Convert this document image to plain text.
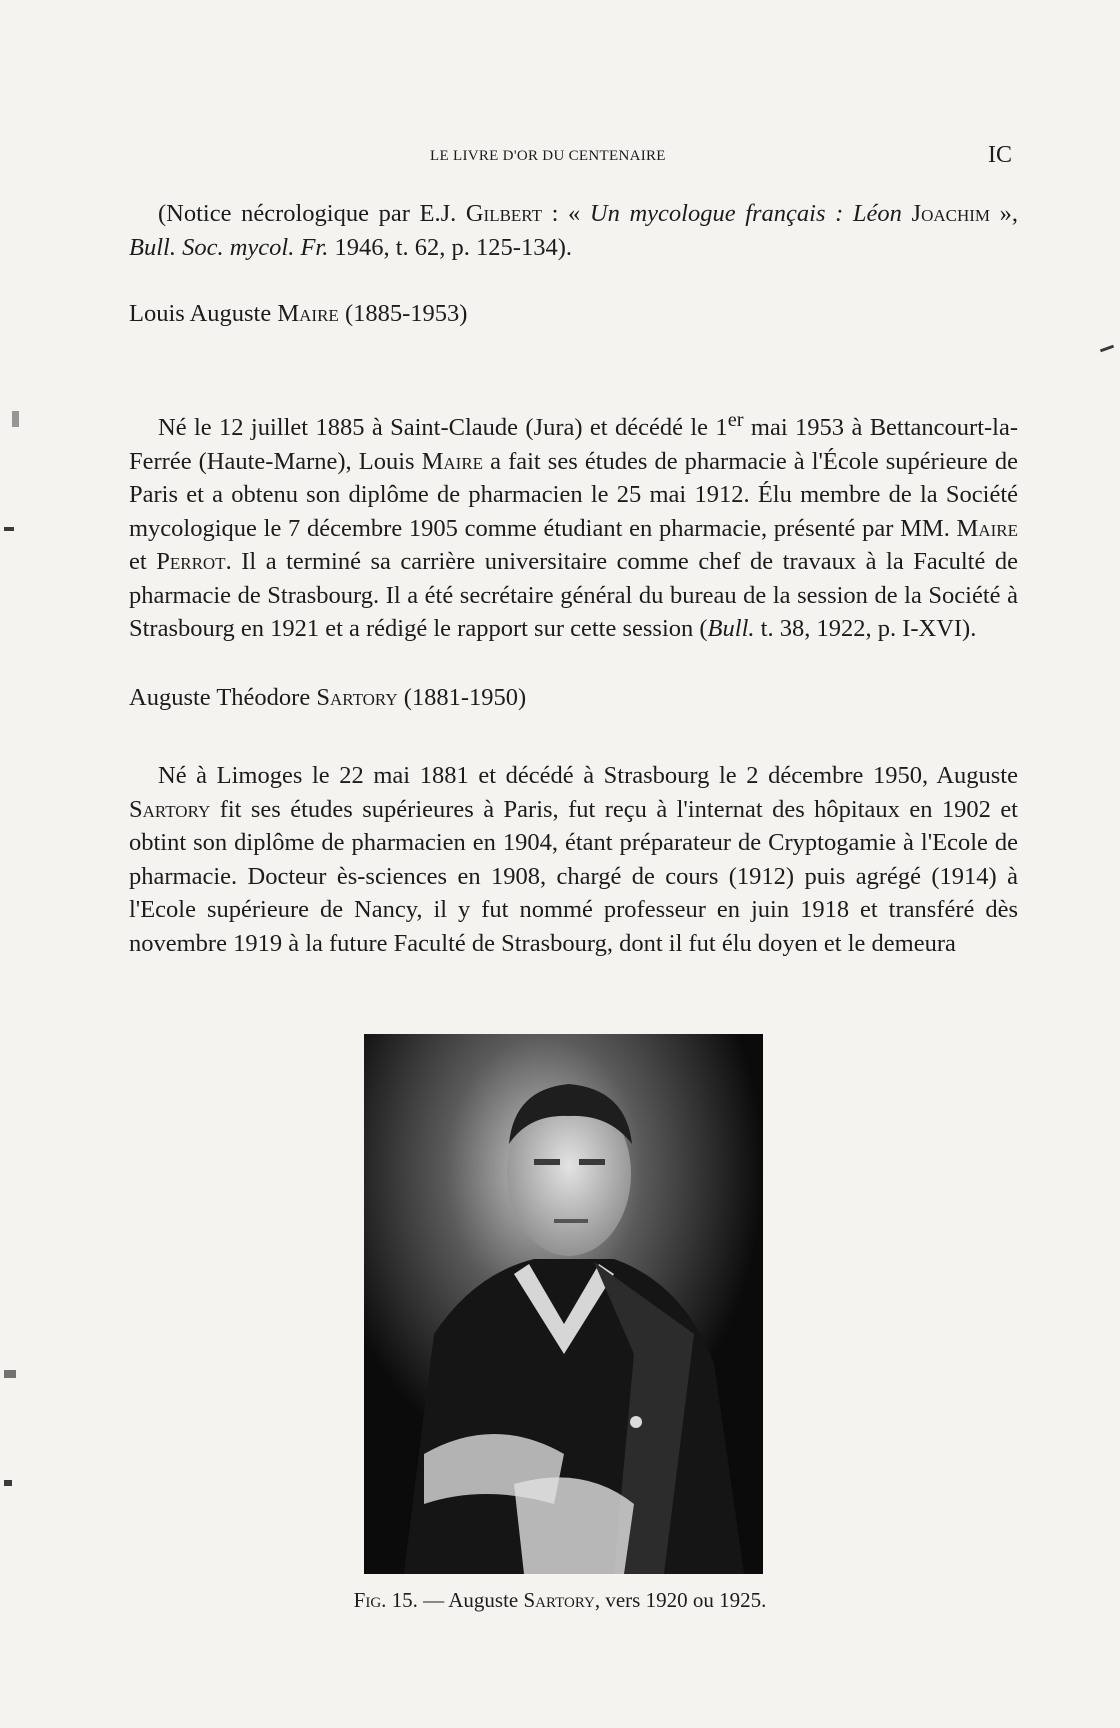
LE LIVRE D'OR DU CENTENAIRE	IC
(Notice nécrologique par E.J. Gilbert : « Un mycologue français : Léon Joachim », Bull. Soc. mycol. Fr. 1946, t. 62, p. 125-134).
Louis Auguste Maire (1885-1953)
Né le 12 juillet 1885 à Saint-Claude (Jura) et décédé le 1er mai 1953 à Bettancourt-la-Ferrée (Haute-Marne), Louis Maire a fait ses études de pharmacie à l'École supérieure de Paris et a obtenu son diplôme de pharmacien le 25 mai 1912. Élu membre de la Société mycologique le 7 décembre 1905 comme étudiant en pharmacie, présenté par MM. Maire et Perrot. Il a terminé sa carrière universitaire comme chef de travaux à la Faculté de pharmacie de Strasbourg. Il a été secrétaire général du bureau de la session de la Société à Strasbourg en 1921 et a rédigé le rapport sur cette session (Bull. t. 38, 1922, p. I-XVI).
Auguste Théodore Sartory (1881-1950)
Né à Limoges le 22 mai 1881 et décédé à Strasbourg le 2 décembre 1950, Auguste Sartory fit ses études supérieures à Paris, fut reçu à l'internat des hôpitaux en 1902 et obtint son diplôme de pharmacien en 1904, étant préparateur de Cryptogamie à l'Ecole de pharmacie. Docteur ès-sciences en 1908, chargé de cours (1912) puis agrégé (1914) à l'Ecole supérieure de Nancy, il y fut nommé professeur en juin 1918 et transféré dès novembre 1919 à la future Faculté de Strasbourg, dont il fut élu doyen et le demeura
Fig. 15. — Auguste Sartory, vers 1920 ou 1925.
